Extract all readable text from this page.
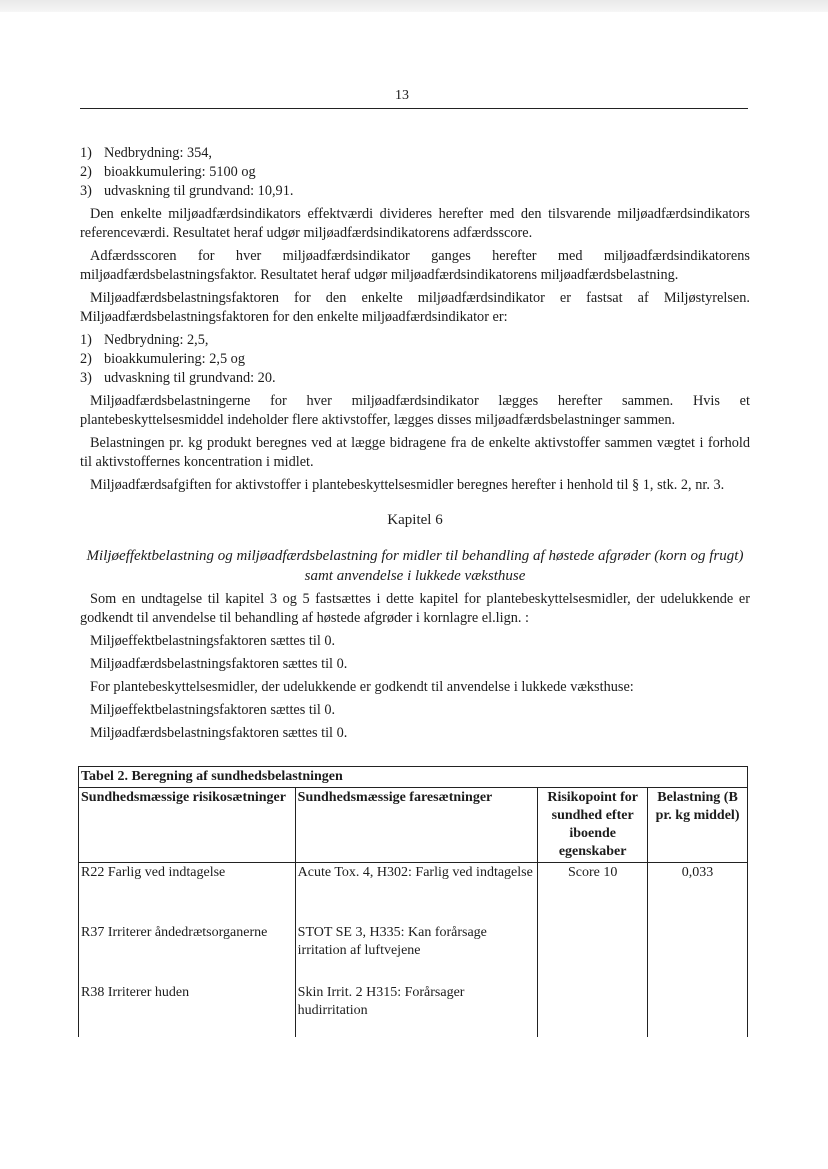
13
1) Nedbrydning: 354,
2) bioakkumulering: 5100 og
3) udvaskning til grundvand: 10,91.

Den enkelte miljøadfærdsindikators effektværdi divideres herefter med den tilsvarende miljøadfærdsindikators referenceværdi. Resultatet heraf udgør miljøadfærdsindikatorens adfærdsscore.

Adfærdsscoren for hver miljøadfærdsindikator ganges herefter med miljøadfærdsindikatorens miljøadfærdsbelastningsfaktor. Resultatet heraf udgør miljøadfærdsindikatorens miljøadfærdsbelastning.

Miljøadfærdsbelastningsfaktoren for den enkelte miljøadfærdsindikator er fastsat af Miljøstyrelsen. Miljøadfærdsbelastningsfaktoren for den enkelte miljøadfærdsindikator er:

1) Nedbrydning: 2,5,
2) bioakkumulering: 2,5 og
3) udvaskning til grundvand: 20.

Miljøadfærdsbelastningerne for hver miljøadfærdsindikator lægges herefter sammen. Hvis et plantebeskyttelsesmiddel indeholder flere aktivstoffer, lægges disses miljøadfærdsbelastninger sammen.

Belastningen pr. kg produkt beregnes ved at lægge bidragene fra de enkelte aktivstoffer sammen vægtet i forhold til aktivstoffernes koncentration i midlet.

Miljøadfærdsafgiften for aktivstoffer i plantebeskyttelsesmidler beregnes herefter i henhold til § 1, stk. 2, nr. 3.

Kapitel 6
Miljøeffektbelastning og miljøadfærdsbelastning for midler til behandling af høstede afgrøder (korn og frugt) samt anvendelse i lukkede væksthuse

Som en undtagelse til kapitel 3 og 5 fastsættes i dette kapitel for plantebeskyttelsesmidler, der udelukkende er godkendt til anvendelse til behandling af høstede afgrøder i kornlagre el.lign. :

Miljøeffektbelastningsfaktoren sættes til 0.
Miljøadfærdsbelastningsfaktoren sættes til 0.
For plantebeskyttelsesmidler, der udelukkende er godkendt til anvendelse i lukkede væksthuse:
Miljøeffektbelastningsfaktoren sættes til 0.
Miljøadfærdsbelastningsfaktoren sættes til 0.
Tabel 2. Beregning af sundhedsbelastningen			
Sundhedsmæssige risikosætninger	Sundhedsmæssige faresætninger	Risikopoint for sundhed efter iboende egenskaber	Belastning (B pr. kg middel)
R22 Farlig ved indtagelse	Acute Tox. 4, H302: Farlig ved indtagelse	Score 10	0,033
R37 Irriterer åndedrætsorganerne	STOT SE 3, H335: Kan forårsage irritation af luftvejene		
R38 Irriterer huden	Skin Irrit. 2 H315: Forårsager hudirritation		
